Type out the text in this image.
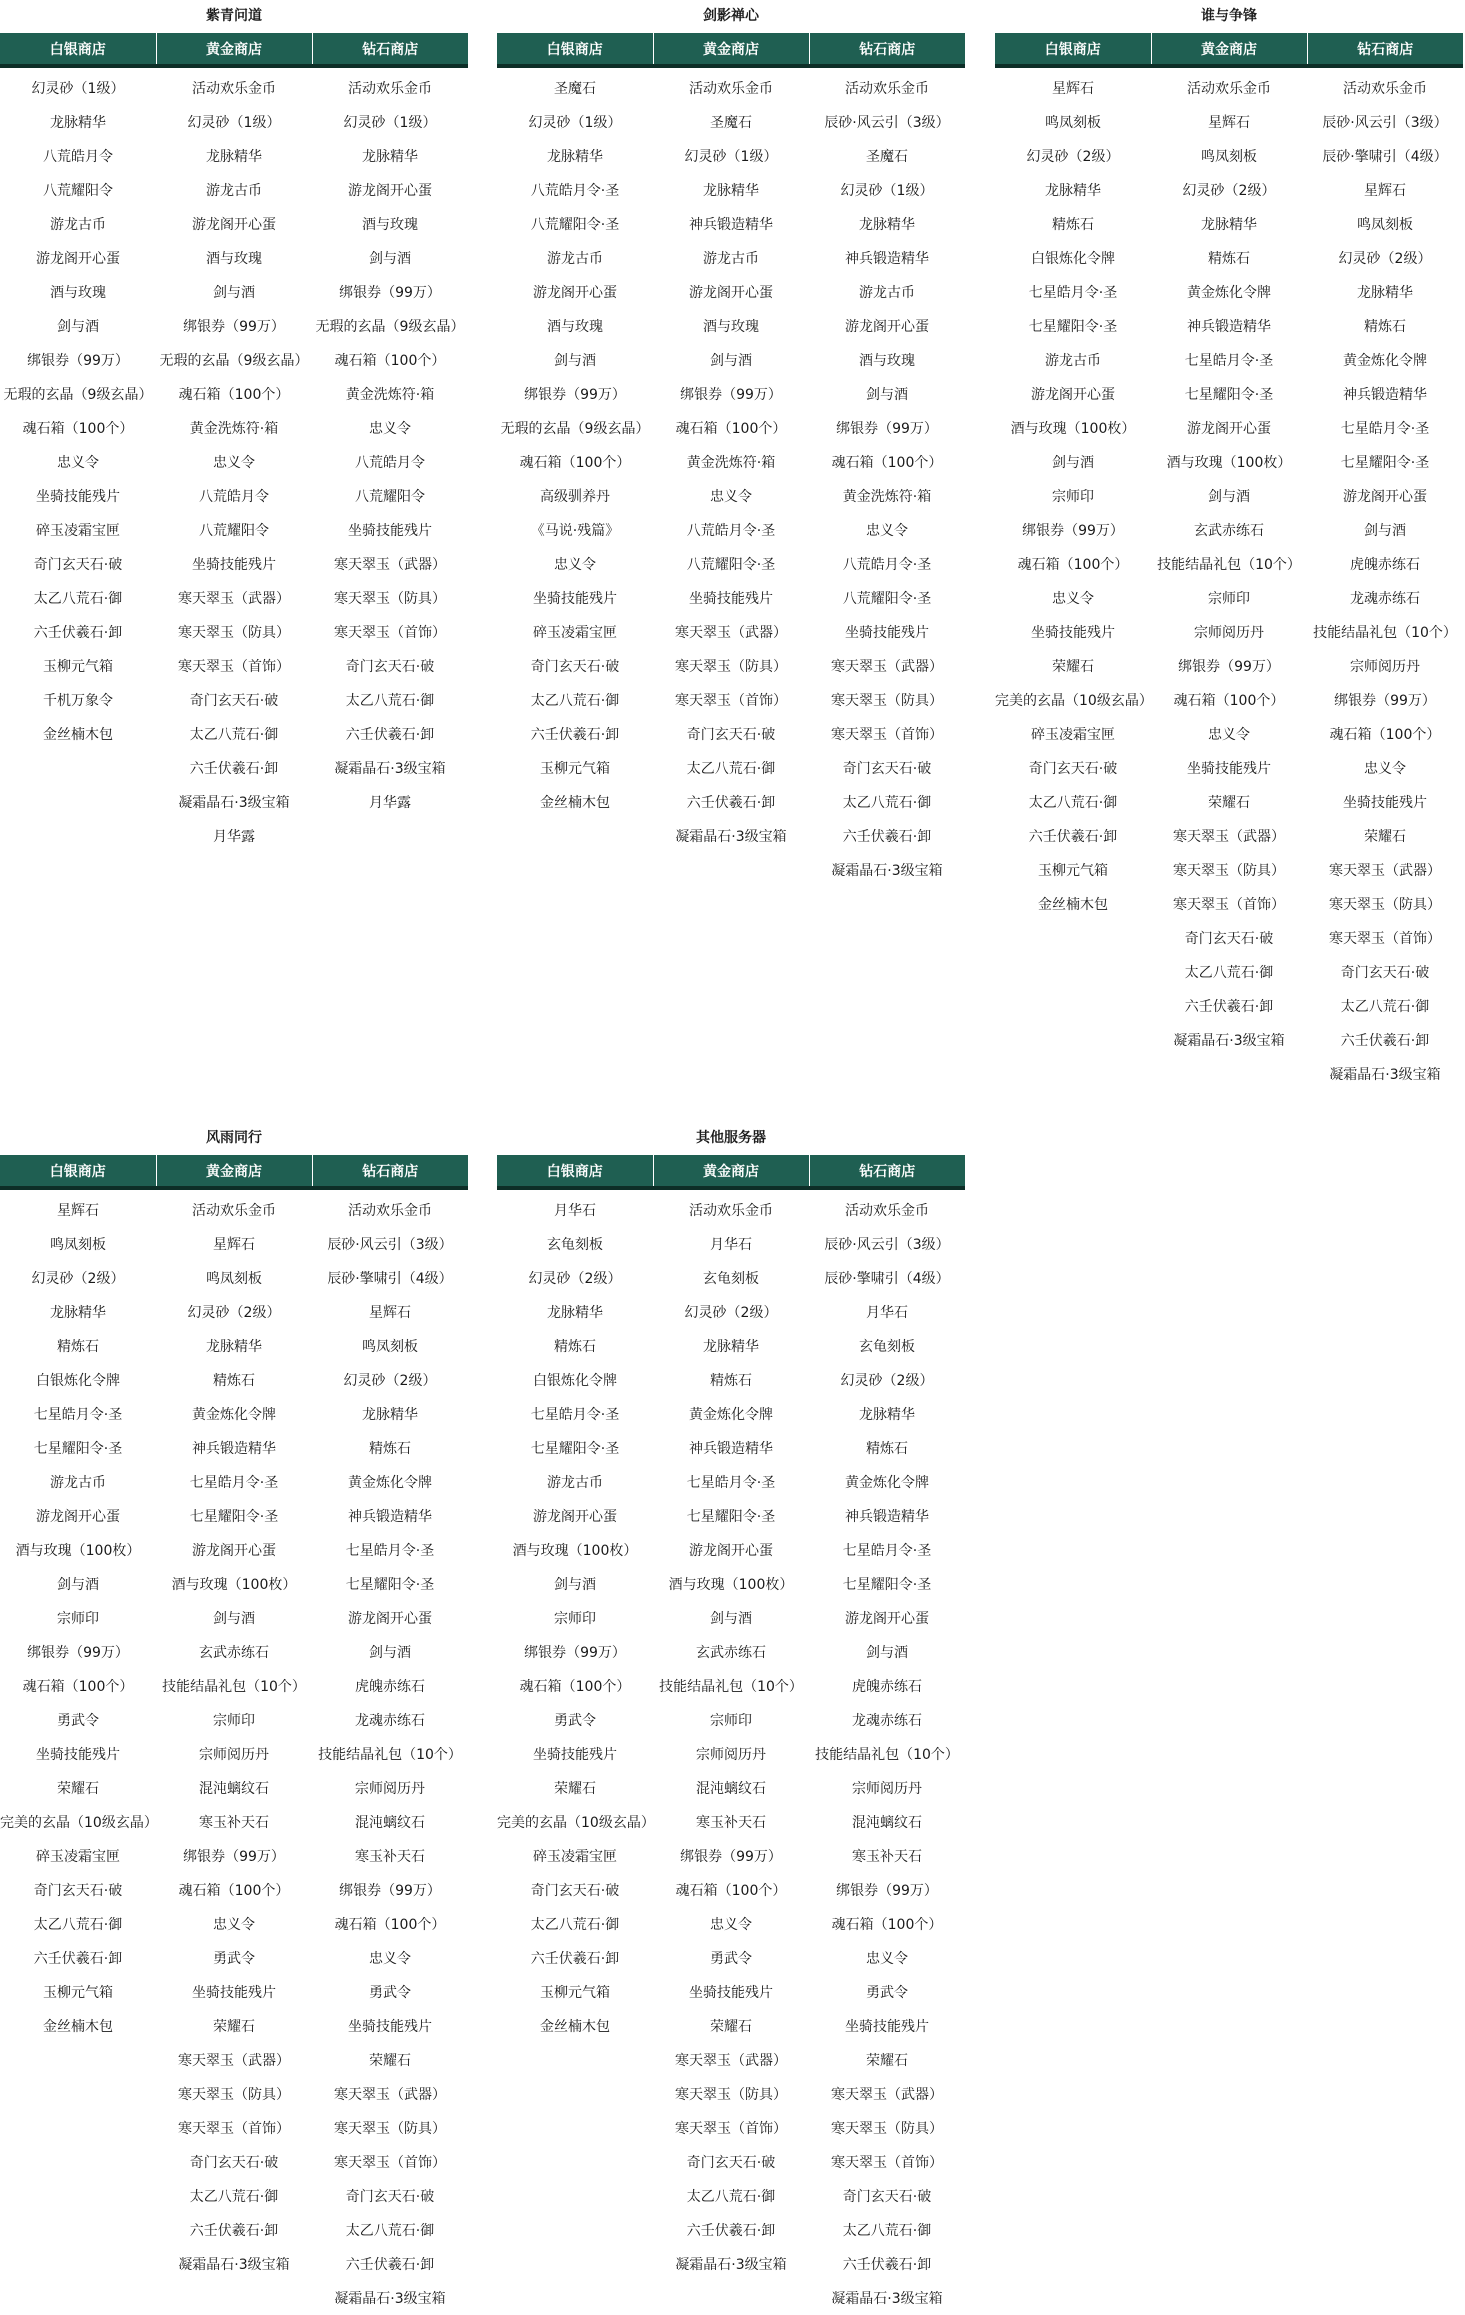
紫青问道
白银商店	黄金商店	钻石商店
幻灵砂（1级）	活动欢乐金币	活动欢乐金币
龙脉精华	幻灵砂（1级）	幻灵砂（1级）
八荒皓月令	龙脉精华	龙脉精华
八荒耀阳令	游龙古币	游龙阁开心蛋
游龙古币	游龙阁开心蛋	酒与玫瑰
游龙阁开心蛋	酒与玫瑰	剑与酒
酒与玫瑰	剑与酒	绑银券（99万）
剑与酒	绑银券（99万）	无瑕的玄晶（9级玄晶）
绑银券（99万）	无瑕的玄晶（9级玄晶）	魂石箱（100个）
无瑕的玄晶（9级玄晶）	魂石箱（100个）	黄金洗炼符·箱
魂石箱（100个）	黄金洗炼符·箱	忠义令
忠义令	忠义令	八荒皓月令
坐骑技能残片	八荒皓月令	八荒耀阳令
碎玉凌霜宝匣	八荒耀阳令	坐骑技能残片
奇门玄天石·破	坐骑技能残片	寒天翠玉（武器）
太乙八荒石·御	寒天翠玉（武器）	寒天翠玉（防具）
六壬伏羲石·卸	寒天翠玉（防具）	寒天翠玉（首饰）
玉柳元气箱	寒天翠玉（首饰）	奇门玄天石·破
千机万象令	奇门玄天石·破	太乙八荒石·御
金丝楠木包	太乙八荒石·御	六壬伏羲石·卸
	六壬伏羲石·卸	凝霜晶石·3级宝箱
	凝霜晶石·3级宝箱	月华露
	月华露	
剑影禅心
白银商店	黄金商店	钻石商店
圣魔石	活动欢乐金币	活动欢乐金币
幻灵砂（1级）	圣魔石	辰砂·风云引（3级）
龙脉精华	幻灵砂（1级）	圣魔石
八荒皓月令·圣	龙脉精华	幻灵砂（1级）
八荒耀阳令·圣	神兵锻造精华	龙脉精华
游龙古币	游龙古币	神兵锻造精华
游龙阁开心蛋	游龙阁开心蛋	游龙古币
酒与玫瑰	酒与玫瑰	游龙阁开心蛋
剑与酒	剑与酒	酒与玫瑰
绑银券（99万）	绑银券（99万）	剑与酒
无瑕的玄晶（9级玄晶）	魂石箱（100个）	绑银券（99万）
魂石箱（100个）	黄金洗炼符·箱	魂石箱（100个）
高级驯养丹	忠义令	黄金洗炼符·箱
《马说·残篇》	八荒皓月令·圣	忠义令
忠义令	八荒耀阳令·圣	八荒皓月令·圣
坐骑技能残片	坐骑技能残片	八荒耀阳令·圣
碎玉凌霜宝匣	寒天翠玉（武器）	坐骑技能残片
奇门玄天石·破	寒天翠玉（防具）	寒天翠玉（武器）
太乙八荒石·御	寒天翠玉（首饰）	寒天翠玉（防具）
六壬伏羲石·卸	奇门玄天石·破	寒天翠玉（首饰）
玉柳元气箱	太乙八荒石·御	奇门玄天石·破
金丝楠木包	六壬伏羲石·卸	太乙八荒石·御
	凝霜晶石·3级宝箱	六壬伏羲石·卸
		凝霜晶石·3级宝箱
谁与争锋
白银商店	黄金商店	钻石商店
星辉石	活动欢乐金币	活动欢乐金币
鸣凤刻板	星辉石	辰砂·风云引（3级）
幻灵砂（2级）	鸣凤刻板	辰砂·擎啸引（4级）
龙脉精华	幻灵砂（2级）	星辉石
精炼石	龙脉精华	鸣凤刻板
白银炼化令牌	精炼石	幻灵砂（2级）
七星皓月令·圣	黄金炼化令牌	龙脉精华
七星耀阳令·圣	神兵锻造精华	精炼石
游龙古币	七星皓月令·圣	黄金炼化令牌
游龙阁开心蛋	七星耀阳令·圣	神兵锻造精华
酒与玫瑰（100枚）	游龙阁开心蛋	七星皓月令·圣
剑与酒	酒与玫瑰（100枚）	七星耀阳令·圣
宗师印	剑与酒	游龙阁开心蛋
绑银券（99万）	玄武赤练石	剑与酒
魂石箱（100个）	技能结晶礼包（10个）	虎魄赤练石
忠义令	宗师印	龙魂赤练石
坐骑技能残片	宗师阅历丹	技能结晶礼包（10个）
荣耀石	绑银券（99万）	宗师阅历丹
完美的玄晶（10级玄晶）	魂石箱（100个）	绑银券（99万）
碎玉凌霜宝匣	忠义令	魂石箱（100个）
奇门玄天石·破	坐骑技能残片	忠义令
太乙八荒石·御	荣耀石	坐骑技能残片
六壬伏羲石·卸	寒天翠玉（武器）	荣耀石
玉柳元气箱	寒天翠玉（防具）	寒天翠玉（武器）
金丝楠木包	寒天翠玉（首饰）	寒天翠玉（防具）
	奇门玄天石·破	寒天翠玉（首饰）
	太乙八荒石·御	奇门玄天石·破
	六壬伏羲石·卸	太乙八荒石·御
	凝霜晶石·3级宝箱	六壬伏羲石·卸
		凝霜晶石·3级宝箱
风雨同行
白银商店	黄金商店	钻石商店
星辉石	活动欢乐金币	活动欢乐金币
鸣凤刻板	星辉石	辰砂·风云引（3级）
幻灵砂（2级）	鸣凤刻板	辰砂·擎啸引（4级）
龙脉精华	幻灵砂（2级）	星辉石
精炼石	龙脉精华	鸣凤刻板
白银炼化令牌	精炼石	幻灵砂（2级）
七星皓月令·圣	黄金炼化令牌	龙脉精华
七星耀阳令·圣	神兵锻造精华	精炼石
游龙古币	七星皓月令·圣	黄金炼化令牌
游龙阁开心蛋	七星耀阳令·圣	神兵锻造精华
酒与玫瑰（100枚）	游龙阁开心蛋	七星皓月令·圣
剑与酒	酒与玫瑰（100枚）	七星耀阳令·圣
宗师印	剑与酒	游龙阁开心蛋
绑银券（99万）	玄武赤练石	剑与酒
魂石箱（100个）	技能结晶礼包（10个）	虎魄赤练石
勇武令	宗师印	龙魂赤练石
坐骑技能残片	宗师阅历丹	技能结晶礼包（10个）
荣耀石	混沌螭纹石	宗师阅历丹
完美的玄晶（10级玄晶）	寒玉补天石	混沌螭纹石
碎玉凌霜宝匣	绑银券（99万）	寒玉补天石
奇门玄天石·破	魂石箱（100个）	绑银券（99万）
太乙八荒石·御	忠义令	魂石箱（100个）
六壬伏羲石·卸	勇武令	忠义令
玉柳元气箱	坐骑技能残片	勇武令
金丝楠木包	荣耀石	坐骑技能残片
	寒天翠玉（武器）	荣耀石
	寒天翠玉（防具）	寒天翠玉（武器）
	寒天翠玉（首饰）	寒天翠玉（防具）
	奇门玄天石·破	寒天翠玉（首饰）
	太乙八荒石·御	奇门玄天石·破
	六壬伏羲石·卸	太乙八荒石·御
	凝霜晶石·3级宝箱	六壬伏羲石·卸
		凝霜晶石·3级宝箱
其他服务器
白银商店	黄金商店	钻石商店
月华石	活动欢乐金币	活动欢乐金币
玄龟刻板	月华石	辰砂·风云引（3级）
幻灵砂（2级）	玄龟刻板	辰砂·擎啸引（4级）
龙脉精华	幻灵砂（2级）	月华石
精炼石	龙脉精华	玄龟刻板
白银炼化令牌	精炼石	幻灵砂（2级）
七星皓月令·圣	黄金炼化令牌	龙脉精华
七星耀阳令·圣	神兵锻造精华	精炼石
游龙古币	七星皓月令·圣	黄金炼化令牌
游龙阁开心蛋	七星耀阳令·圣	神兵锻造精华
酒与玫瑰（100枚）	游龙阁开心蛋	七星皓月令·圣
剑与酒	酒与玫瑰（100枚）	七星耀阳令·圣
宗师印	剑与酒	游龙阁开心蛋
绑银券（99万）	玄武赤练石	剑与酒
魂石箱（100个）	技能结晶礼包（10个）	虎魄赤练石
勇武令	宗师印	龙魂赤练石
坐骑技能残片	宗师阅历丹	技能结晶礼包（10个）
荣耀石	混沌螭纹石	宗师阅历丹
完美的玄晶（10级玄晶）	寒玉补天石	混沌螭纹石
碎玉凌霜宝匣	绑银券（99万）	寒玉补天石
奇门玄天石·破	魂石箱（100个）	绑银券（99万）
太乙八荒石·御	忠义令	魂石箱（100个）
六壬伏羲石·卸	勇武令	忠义令
玉柳元气箱	坐骑技能残片	勇武令
金丝楠木包	荣耀石	坐骑技能残片
	寒天翠玉（武器）	荣耀石
	寒天翠玉（防具）	寒天翠玉（武器）
	寒天翠玉（首饰）	寒天翠玉（防具）
	奇门玄天石·破	寒天翠玉（首饰）
	太乙八荒石·御	奇门玄天石·破
	六壬伏羲石·卸	太乙八荒石·御
	凝霜晶石·3级宝箱	六壬伏羲石·卸
		凝霜晶石·3级宝箱
